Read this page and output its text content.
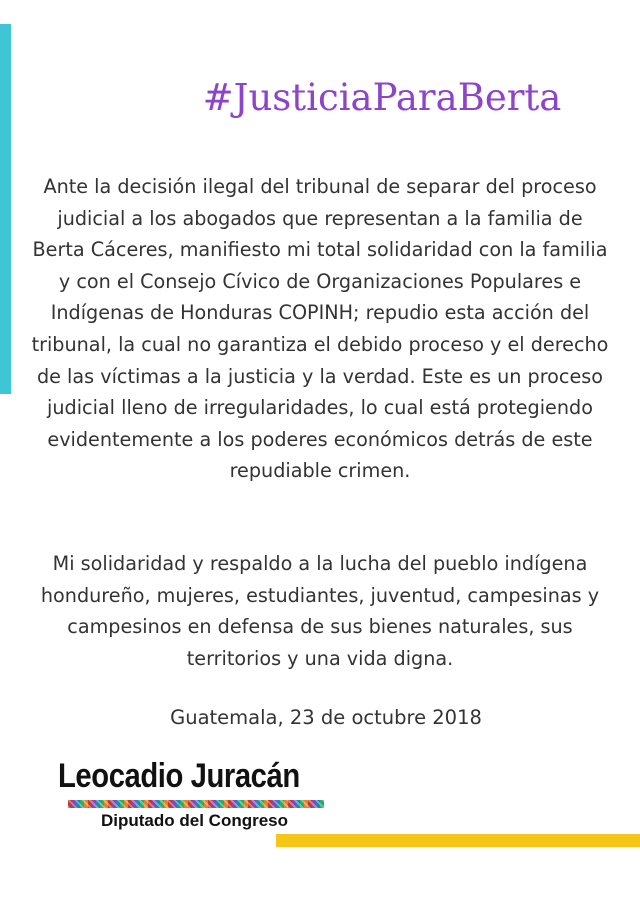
#JusticiaParaBerta

Ante la decisión ilegal del tribunal de separar del proceso judicial a los abogados que representan a la familia de Berta Cáceres, manifiesto mi total solidaridad con la familia y con el Consejo Cívico de Organizaciones Populares e Indígenas de Honduras COPINH; repudio esta acción del tribunal, la cual no garantiza el debido proceso y el derecho de las víctimas a la justicia y la verdad. Este es un proceso judicial lleno de irregularidades, lo cual está protegiendo evidentemente a los poderes económicos detrás de este repudiable crimen.

Mi solidaridad y respaldo a la lucha del pueblo indígena hondureño, mujeres, estudiantes, juventud, campesinas y campesinos en defensa de sus bienes naturales, sus territorios y una vida digna.

Guatemala, 23 de octubre 2018
Leocadio Juracán
Diputado del Congreso
